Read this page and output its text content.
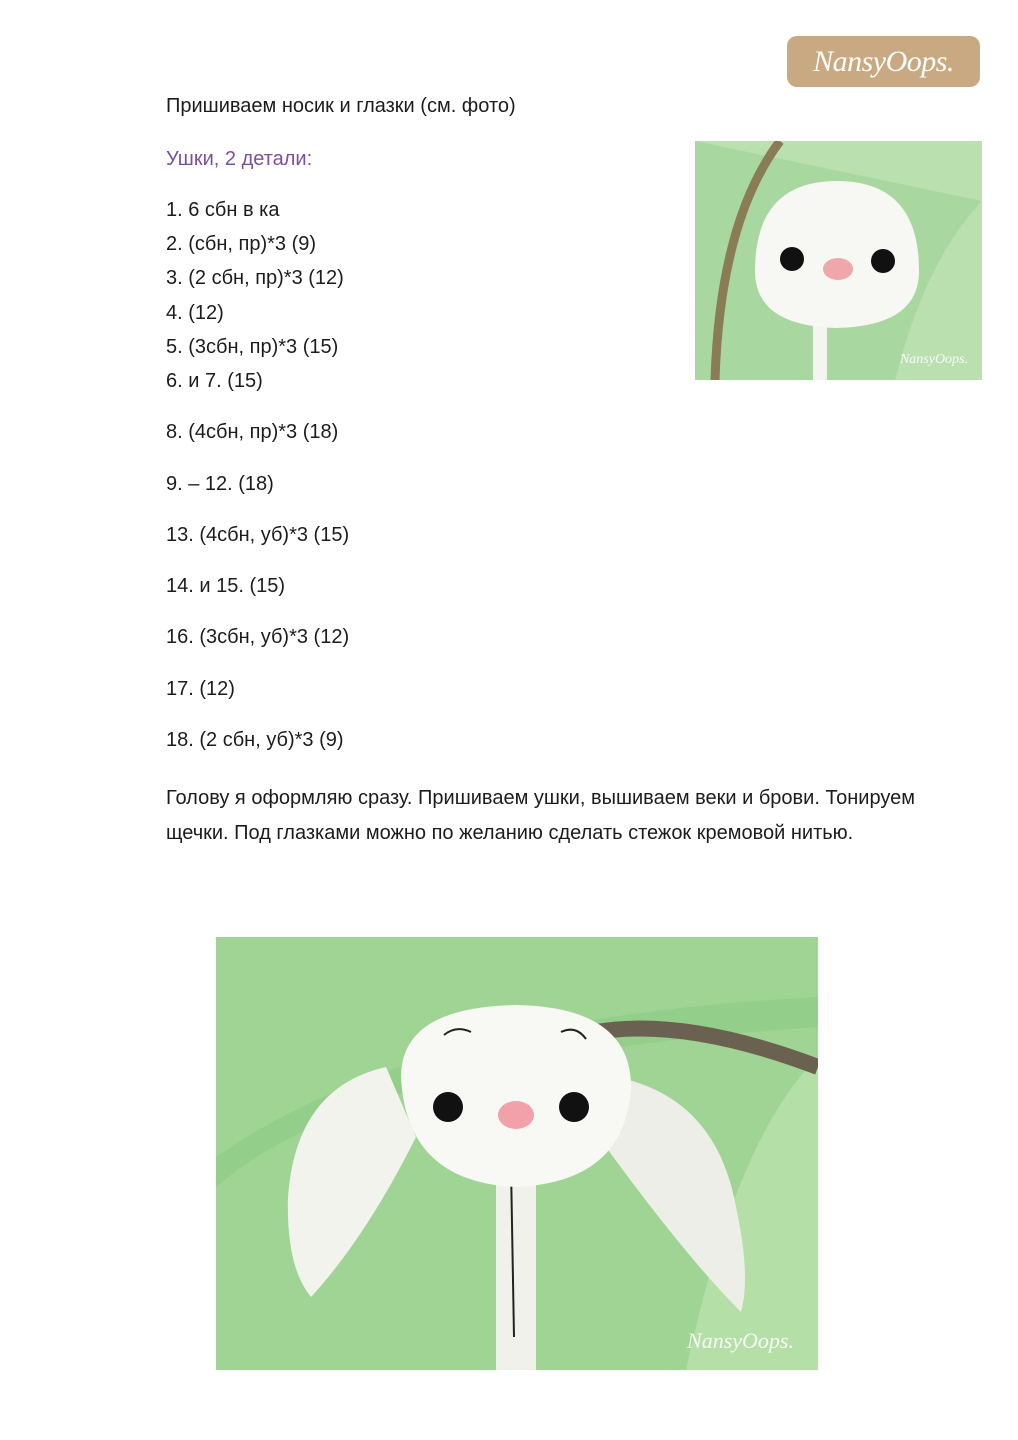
NansyOops.
Пришиваем носик и глазки (см. фото)
Ушки, 2 детали:
1. 6 сбн в ка
2. (сбн, пр)*3 (9)
3. (2 сбн, пр)*3 (12)
4. (12)
5. (3сбн, пр)*3 (15)
6. и 7. (15)
8. (4сбн, пр)*3 (18)
9. – 12. (18)
13. (4сбн, уб)*3 (15)
14. и 15. (15)
16. (3сбн, уб)*3 (12)
17. (12)
18. (2 сбн, уб)*3 (9)
Голову я оформляю сразу. Пришиваем ушки, вышиваем веки и брови. Тонируем щечки. Под глазками можно по желанию сделать стежок кремовой нитью.
NansyOops.
NansyOops.
